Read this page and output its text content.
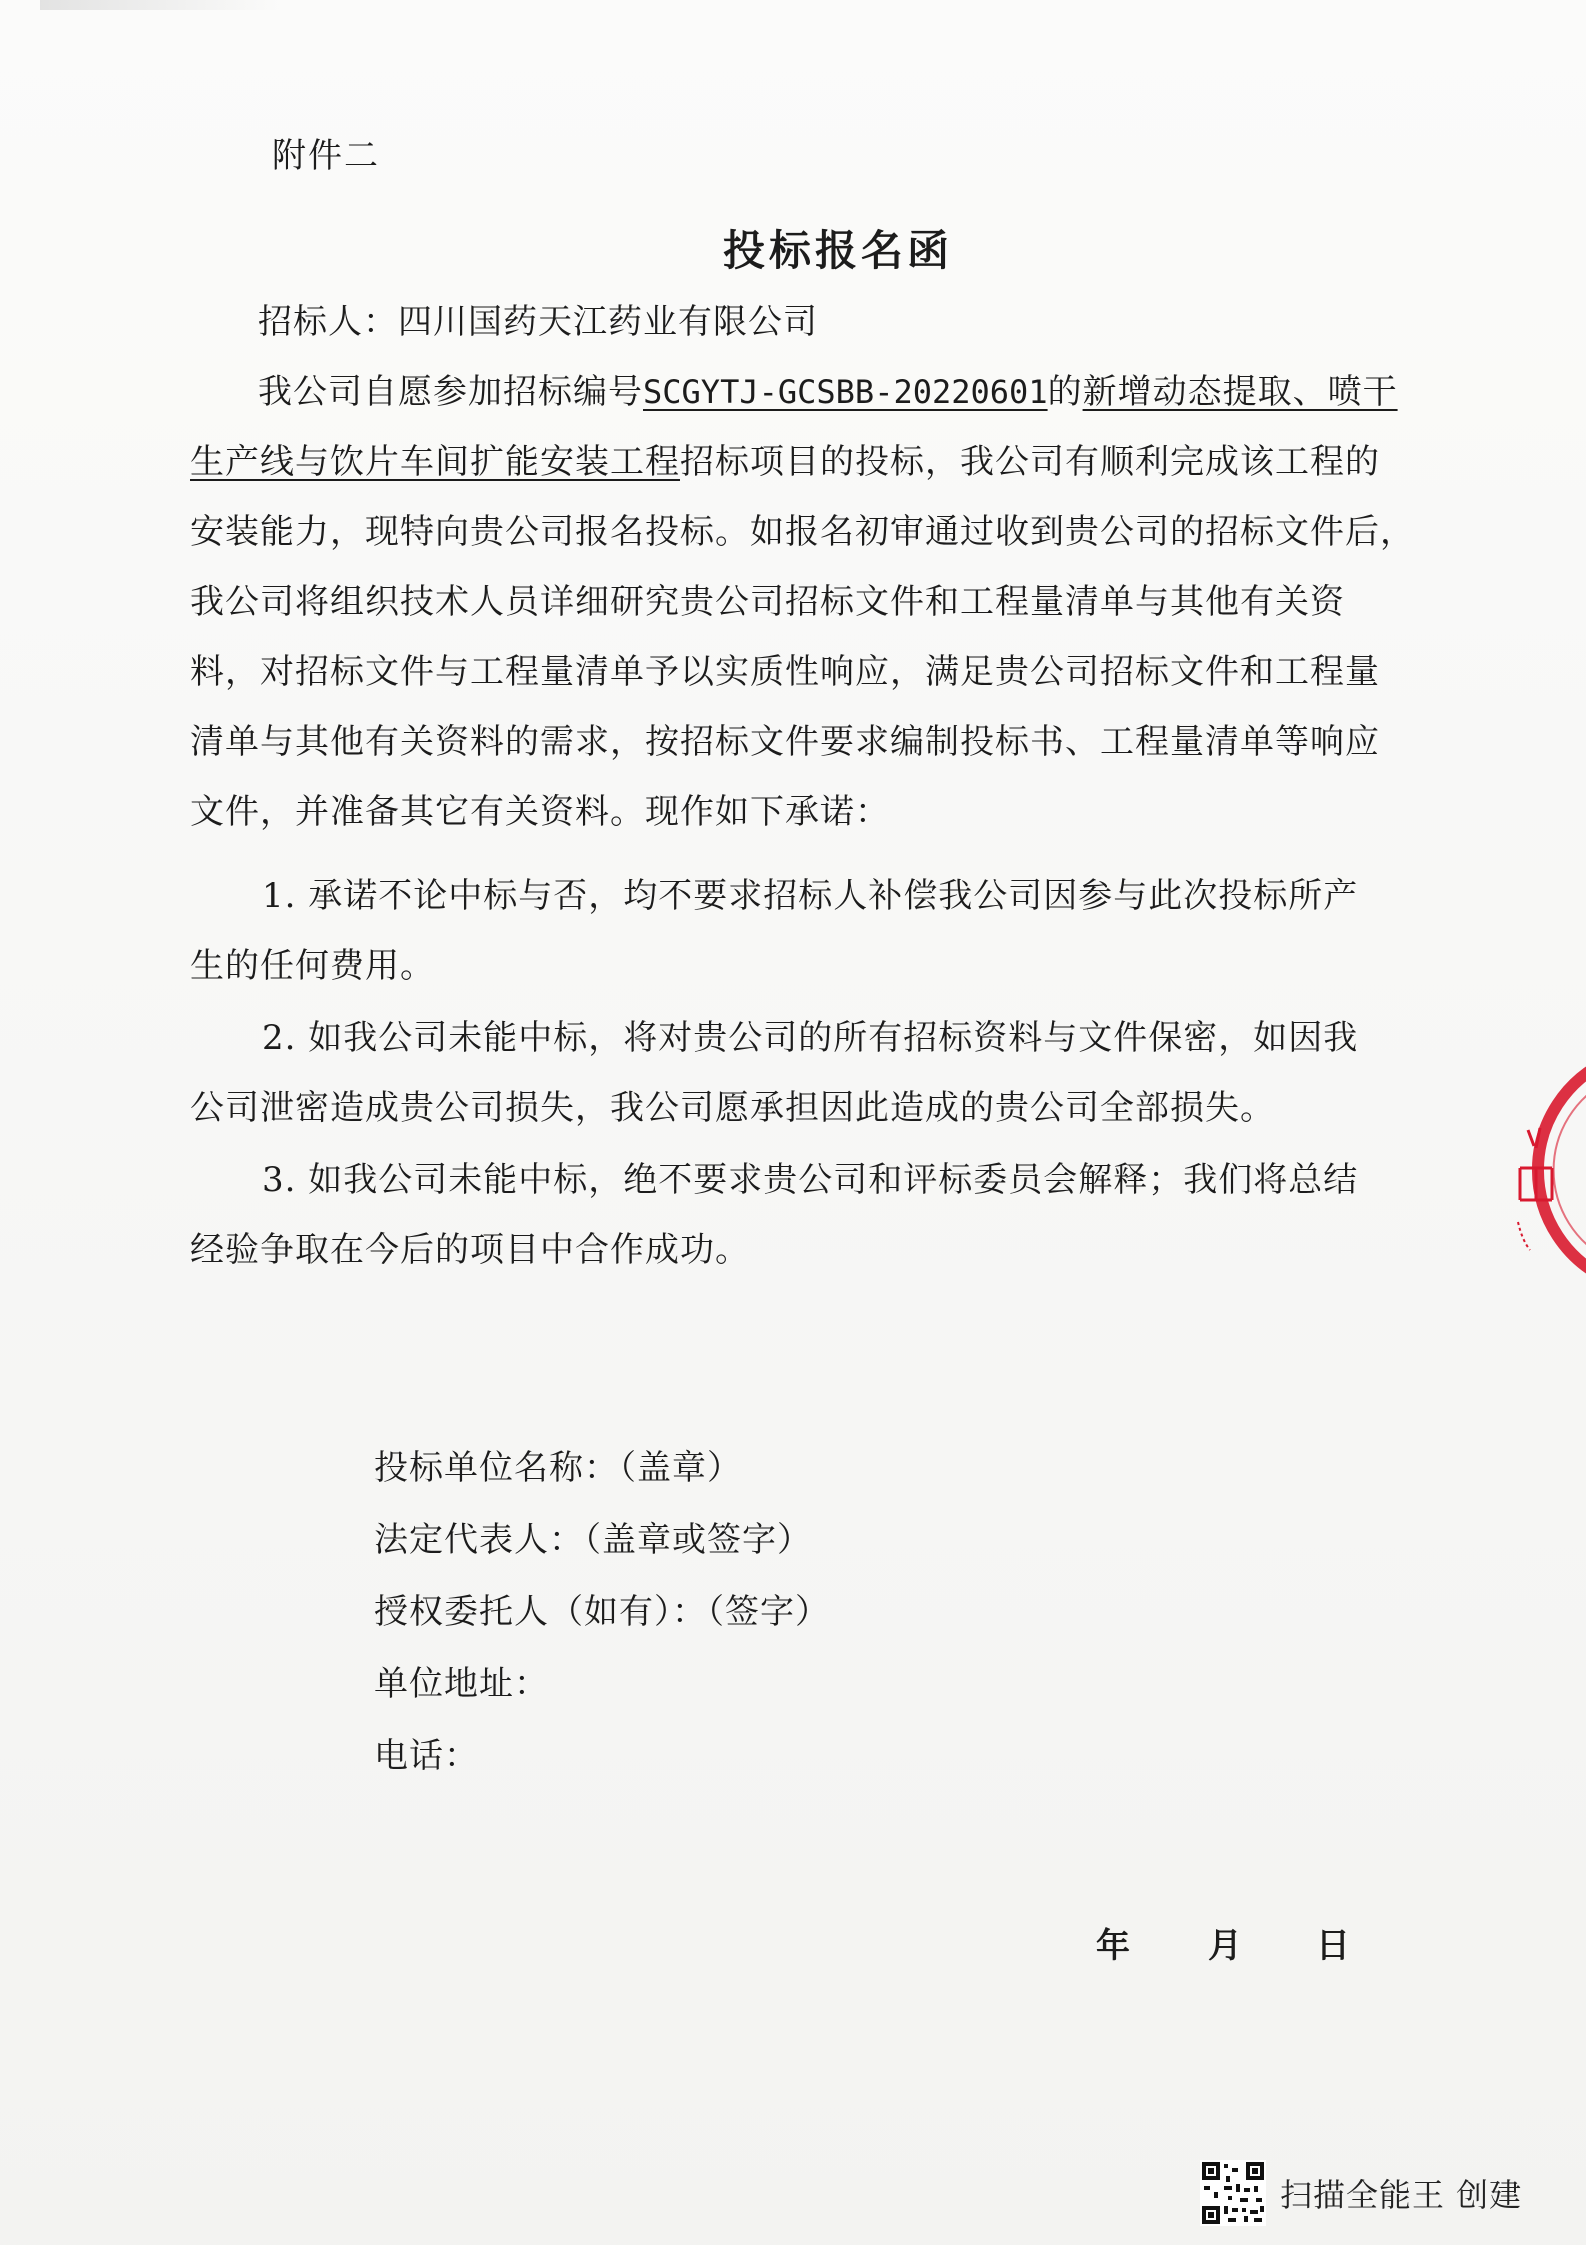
附件二
投标报名函
招标人：四川国药天江药业有限公司
我公司自愿参加招标编号SCGYTJ-GCSBB-20220601的新增动态提取、喷干
生产线与饮片车间扩能安装工程招标项目的投标，我公司有顺利完成该工程的
安装能力，现特向贵公司报名投标。如报名初审通过收到贵公司的招标文件后，
我公司将组织技术人员详细研究贵公司招标文件和工程量清单与其他有关资
料，对招标文件与工程量清单予以实质性响应，满足贵公司招标文件和工程量
清单与其他有关资料的需求，按招标文件要求编制投标书、工程量清单等响应
文件，并准备其它有关资料。现作如下承诺：
1. 承诺不论中标与否，均不要求招标人补偿我公司因参与此次投标所产
生的任何费用。
2. 如我公司未能中标，将对贵公司的所有招标资料与文件保密，如因我
公司泄密造成贵公司损失，我公司愿承担因此造成的贵公司全部损失。
3. 如我公司未能中标，绝不要求贵公司和评标委员会解释；我们将总结
经验争取在今后的项目中合作成功。
投标单位名称：（盖章）
法定代表人：（盖章或签字）
授权委托人（如有）：（签字）
单位地址：
电话：
年 月 日
扫描全能王 创建
